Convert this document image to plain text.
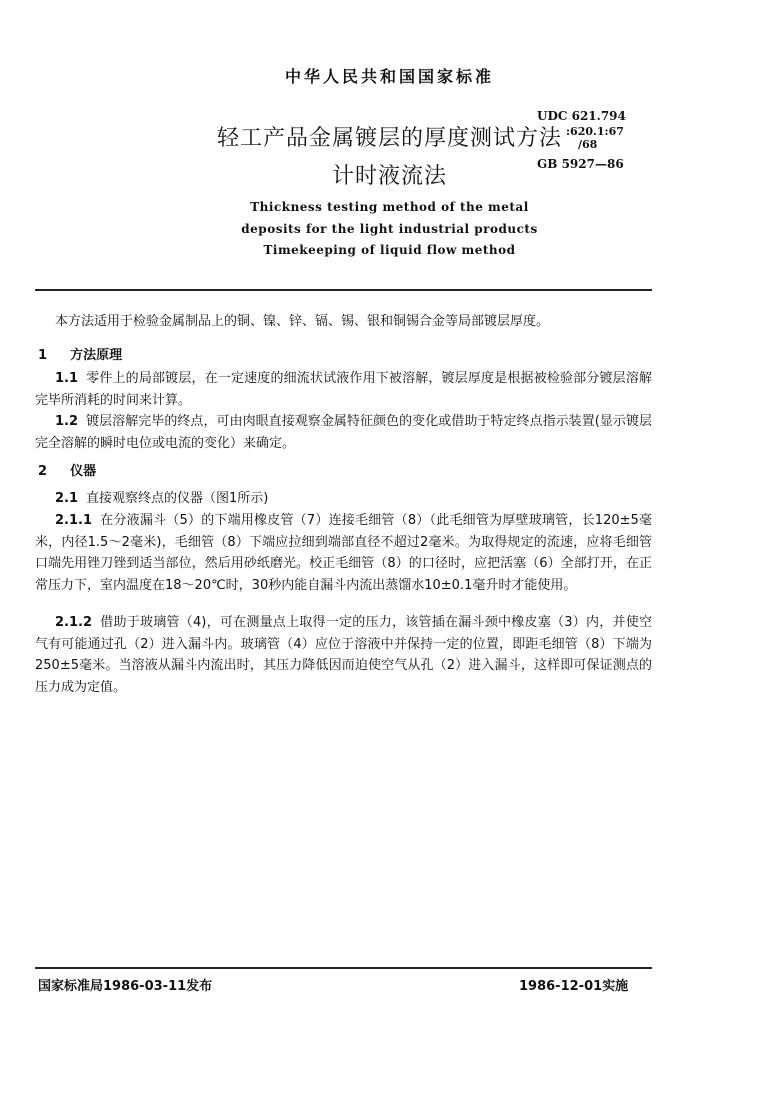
中华人民共和国国家标准
轻工产品金属镀层的厚度测试方法
计时液流法
Thickness testing method of the metal
deposits for the light industrial products
Timekeeping of liquid flow method
UDC 621.794
:620.1:67
/68
GB 5927—86

本方法适用于检验金属制品上的铜、镍、锌、镉、锡、银和铜锡合金等局部镀层厚度。

1 方法原理

1.1 零件上的局部镀层，在一定速度的细流状试液作用下被溶解，镀层厚度是根据被检验部分镀层溶解完毕所消耗的时间来计算。

1.2 镀层溶解完毕的终点，可由肉眼直接观察金属特征颜色的变化或借助于特定终点指示装置(显示镀层完全溶解的瞬时电位或电流的变化）来确定。

2 仪器
2.1 直接观察终点的仪器（图1所示)

2.1.1 在分液漏斗（5）的下端用橡皮管（7）连接毛细管（8）（此毛细管为厚壁玻璃管，长120±5毫米，内径1.5～2毫米)，毛细管（8）下端应拉细到端部直径不超过2毫米。为取得规定的流速，应将毛细管口端先用锉刀锉到适当部位，然后用砂纸磨光。校正毛细管（8）的口径时，应把活塞（6）全部打开，在正常压力下，室内温度在18～20℃时，30秒内能自漏斗内流出蒸馏水10±0.1毫升时才能使用。

2.1.2 借助于玻璃管（4)，可在测量点上取得一定的压力，该管插在漏斗颈中橡皮塞（3）内，并使空气有可能通过孔（2）进入漏斗内。玻璃管（4）应位于溶液中并保持一定的位置，即距毛细管（8）下端为250±5毫米。当溶液从漏斗内流出时，其压力降低因而迫使空气从孔（2）进入漏斗，这样即可保证测点的压力成为定值。

国家标准局1986-03-11发布	1986-12-01实施
